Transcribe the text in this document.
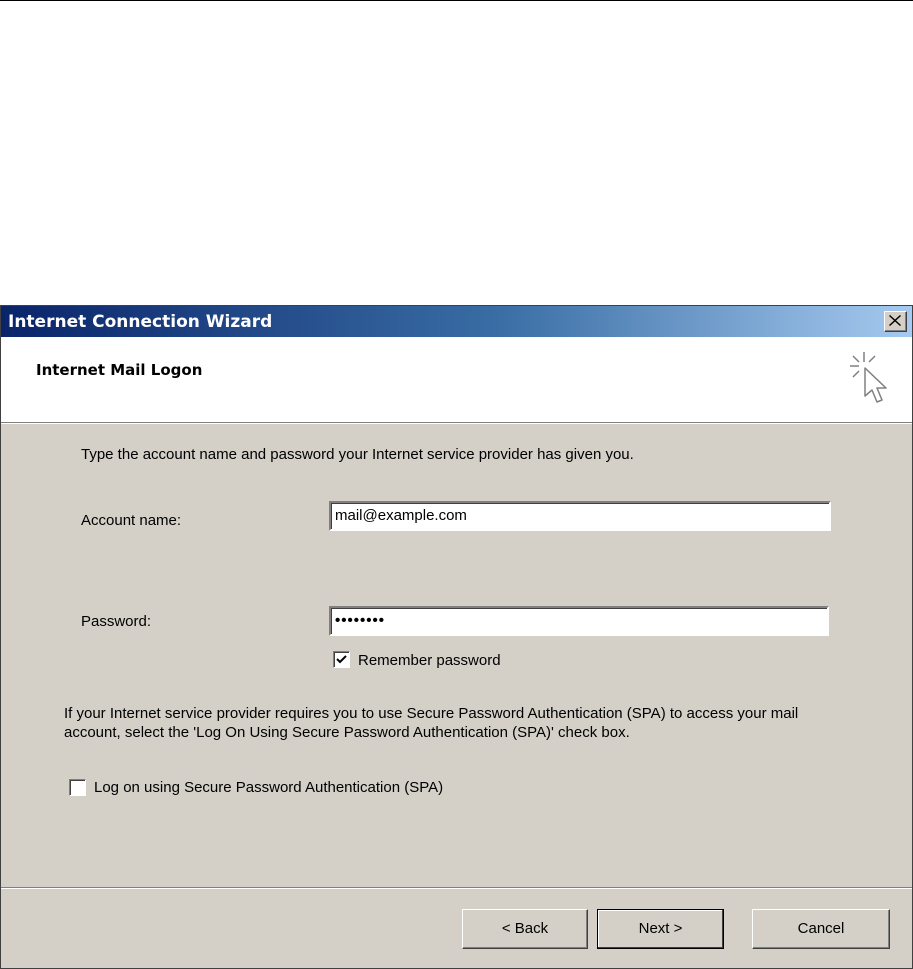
Internet Connection Wizard
Internet Mail Logon
Type the account name and password your Internet service provider has given you.
Account name:	mail@example.com
Password:	••••••••
Remember password
If your Internet service provider requires you to use Secure Password Authentication (SPA) to access your mail account, select the 'Log On Using Secure Password Authentication (SPA)' check box.
Log on using Secure Password Authentication (SPA)
< Back	Next >	Cancel
